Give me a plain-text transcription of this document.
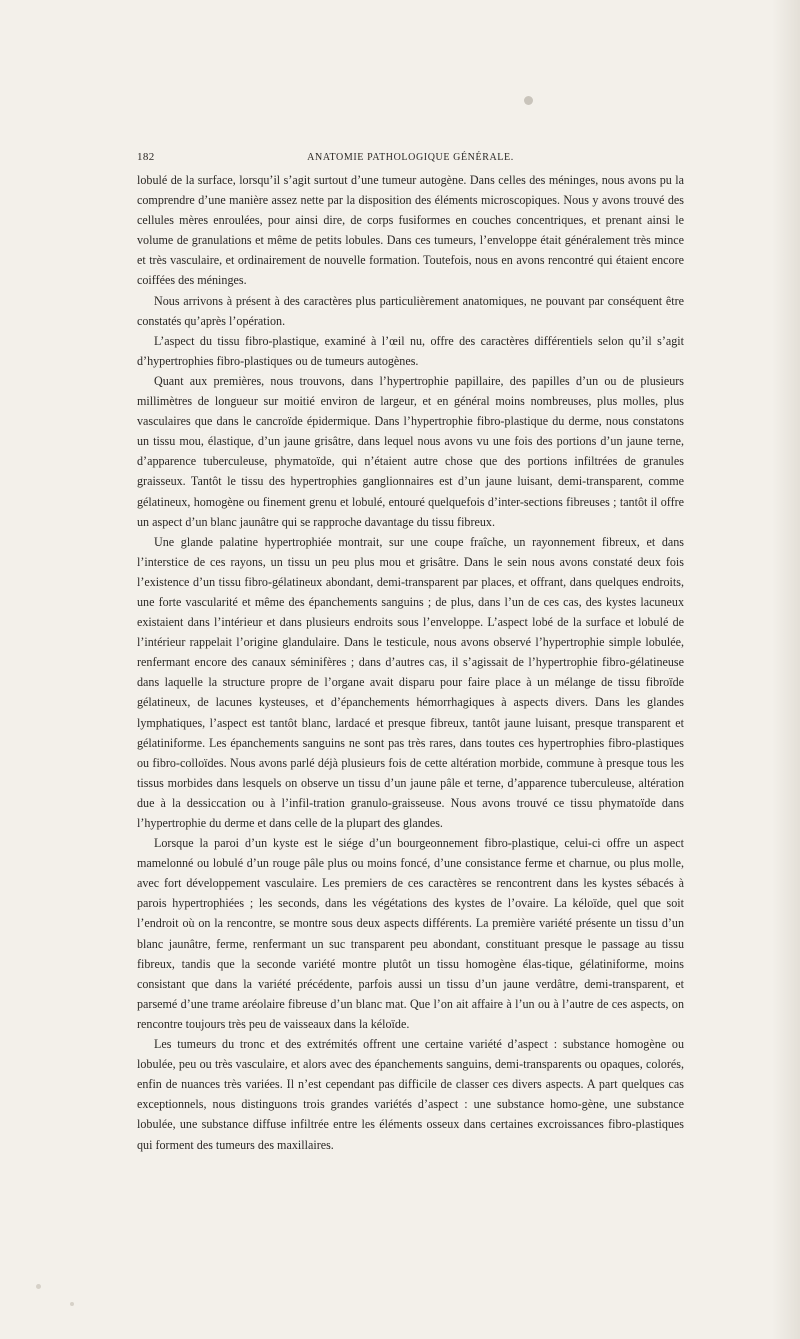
182	ANATOMIE PATHOLOGIQUE GÉNÉRALE.

lobulé de la surface, lorsqu’il s’agit surtout d’une tumeur autogène. Dans celles des méninges, nous avons pu la comprendre d’une manière assez nette par la disposition des éléments microscopiques. Nous y avons trouvé des cellules mères enroulées, pour ainsi dire, de corps fusiformes en couches concentriques, et prenant ainsi le volume de granulations et même de petits lobules. Dans ces tumeurs, l’enveloppe était généralement très mince et très vasculaire, et ordinairement de nouvelle formation. Toutefois, nous en avons rencontré qui étaient encore coiffées des méninges.

Nous arrivons à présent à des caractères plus particulièrement anatomiques, ne pouvant par conséquent être constatés qu’après l’opération.

L’aspect du tissu fibro-plastique, examiné à l’œil nu, offre des caractères différentiels selon qu’il s’agit d’hypertrophies fibro-plastiques ou de tumeurs autogènes.

Quant aux premières, nous trouvons, dans l’hypertrophie papillaire, des papilles d’un ou de plusieurs millimètres de longueur sur moitié environ de largeur, et en général moins nombreuses, plus molles, plus vasculaires que dans le cancroïde épidermique. Dans l’hypertrophie fibro-plastique du derme, nous constatons un tissu mou, élastique, d’un jaune grisâtre, dans lequel nous avons vu une fois des portions d’un jaune terne, d’apparence tuberculeuse, phymatoïde, qui n’étaient autre chose que des portions infiltrées de granules graisseux. Tantôt le tissu des hypertrophies ganglionnaires est d’un jaune luisant, demi-transparent, comme gélatineux, homogène ou finement grenu et lobulé, entouré quelquefois d’inter-sections fibreuses ; tantôt il offre un aspect d’un blanc jaunâtre qui se rapproche davantage du tissu fibreux.

Une glande palatine hypertrophiée montrait, sur une coupe fraîche, un rayonnement fibreux, et dans l’interstice de ces rayons, un tissu un peu plus mou et grisâtre. Dans le sein nous avons constaté deux fois l’existence d’un tissu fibro-gélatineux abondant, demi-transparent par places, et offrant, dans quelques endroits, une forte vascularité et même des épanchements sanguins ; de plus, dans l’un de ces cas, des kystes lacuneux existaient dans l’intérieur et dans plusieurs endroits sous l’enveloppe. L’aspect lobé de la surface et lobulé de l’intérieur rappelait l’origine glandulaire. Dans le testicule, nous avons observé l’hypertrophie simple lobulée, renfermant encore des canaux séminifères ; dans d’autres cas, il s’agissait de l’hypertrophie fibro-gélatineuse dans laquelle la structure propre de l’organe avait disparu pour faire place à un mélange de tissu fibroïde gélatineux, de lacunes kysteuses, et d’épanchements hémorrhagiques à aspects divers. Dans les glandes lymphatiques, l’aspect est tantôt blanc, lardacé et presque fibreux, tantôt jaune luisant, presque transparent et gélatiniforme. Les épanchements sanguins ne sont pas très rares, dans toutes ces hypertrophies fibro-plastiques ou fibro-colloïdes. Nous avons parlé déjà plusieurs fois de cette altération morbide, commune à presque tous les tissus morbides dans lesquels on observe un tissu d’un jaune pâle et terne, d’apparence tuberculeuse, altération due à la dessiccation ou à l’infil-tration granulo-graisseuse. Nous avons trouvé ce tissu phymatoïde dans l’hypertrophie du derme et dans celle de la plupart des glandes.

Lorsque la paroi d’un kyste est le siége d’un bourgeonnement fibro-plastique, celui-ci offre un aspect mamelonné ou lobulé d’un rouge pâle plus ou moins foncé, d’une consistance ferme et charnue, ou plus molle, avec fort développement vasculaire. Les premiers de ces caractères se rencontrent dans les kystes sébacés à parois hypertrophiées ; les seconds, dans les végétations des kystes de l’ovaire. La kéloïde, quel que soit l’endroit où on la rencontre, se montre sous deux aspects différents. La première variété présente un tissu d’un blanc jaunâtre, ferme, renfermant un suc transparent peu abondant, constituant presque le passage au tissu fibreux, tandis que la seconde variété montre plutôt un tissu homogène élas-tique, gélatiniforme, moins consistant que dans la variété précédente, parfois aussi un tissu d’un jaune verdâtre, demi-transparent, et parsemé d’une trame aréolaire fibreuse d’un blanc mat. Que l’on ait affaire à l’un ou à l’autre de ces aspects, on rencontre toujours très peu de vaisseaux dans la kéloïde.

Les tumeurs du tronc et des extrémités offrent une certaine variété d’aspect : substance homogène ou lobulée, peu ou très vasculaire, et alors avec des épanchements sanguins, demi-transparents ou opaques, colorés, enfin de nuances très variées. Il n’est cependant pas difficile de classer ces divers aspects. A part quelques cas exceptionnels, nous distinguons trois grandes variétés d’aspect : une substance homo-gène, une substance lobulée, une substance diffuse infiltrée entre les éléments osseux dans certaines excroissances fibro-plastiques qui forment des tumeurs des maxillaires.
